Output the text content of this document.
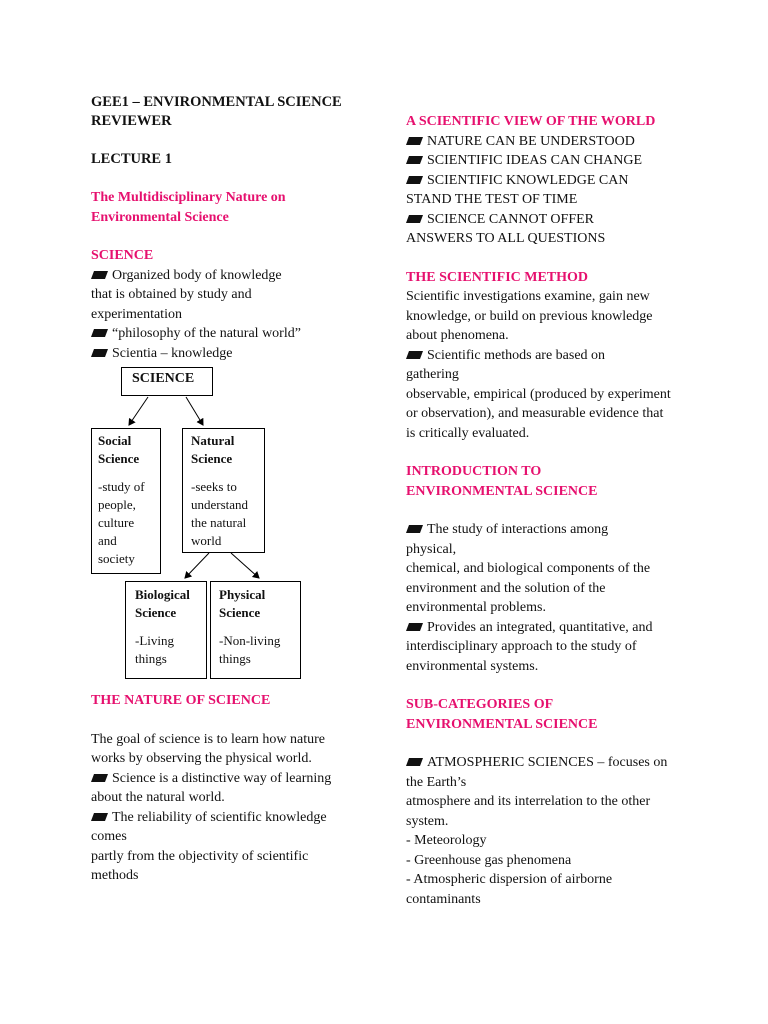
GEE1 – ENVIRONMENTAL SCIENCE REVIEWER
LECTURE 1
The Multidisciplinary Nature on Environmental Science
SCIENCE

Organized body of knowledge that is obtained by study and experimentation

“philosophy of the natural world”

Scientia – knowledge

SCIENCE
Social Science
-study of people, culture and society
Natural Science
-seeks to understand the natural world
Biological Science
-Living things
Physical Science
-Non-living things
THE NATURE OF SCIENCE

The goal of science is to learn how nature works by observing the physical world.

Science is a distinctive way of learning about the natural world.

The reliability of scientific knowledge comes

partly from the objectivity of scientific methods

A SCIENTIFIC VIEW OF THE WORLD

NATURE CAN BE UNDERSTOOD

SCIENTIFIC IDEAS CAN CHANGE

SCIENTIFIC KNOWLEDGE CAN STAND THE TEST OF TIME

SCIENCE CANNOT OFFER ANSWERS TO ALL QUESTIONS

THE SCIENTIFIC METHOD

Scientific investigations examine, gain new knowledge, or build on previous knowledge about phenomena.

Scientific methods are based on gathering

observable, empirical (produced by experiment or observation), and measurable evidence that is critically evaluated.

INTRODUCTION TO ENVIRONMENTAL SCIENCE

The study of interactions among physical,

chemical, and biological components of the environment and the solution of the environmental problems.

Provides an integrated, quantitative, and interdisciplinary approach to the study of environmental systems.

SUB-CATEGORIES OF ENVIRONMENTAL SCIENCE

ATMOSPHERIC SCIENCES – focuses on the Earth’s

atmosphere and its interrelation to the other system.

- Meteorology

- Greenhouse gas phenomena

- Atmospheric dispersion of airborne contaminants
